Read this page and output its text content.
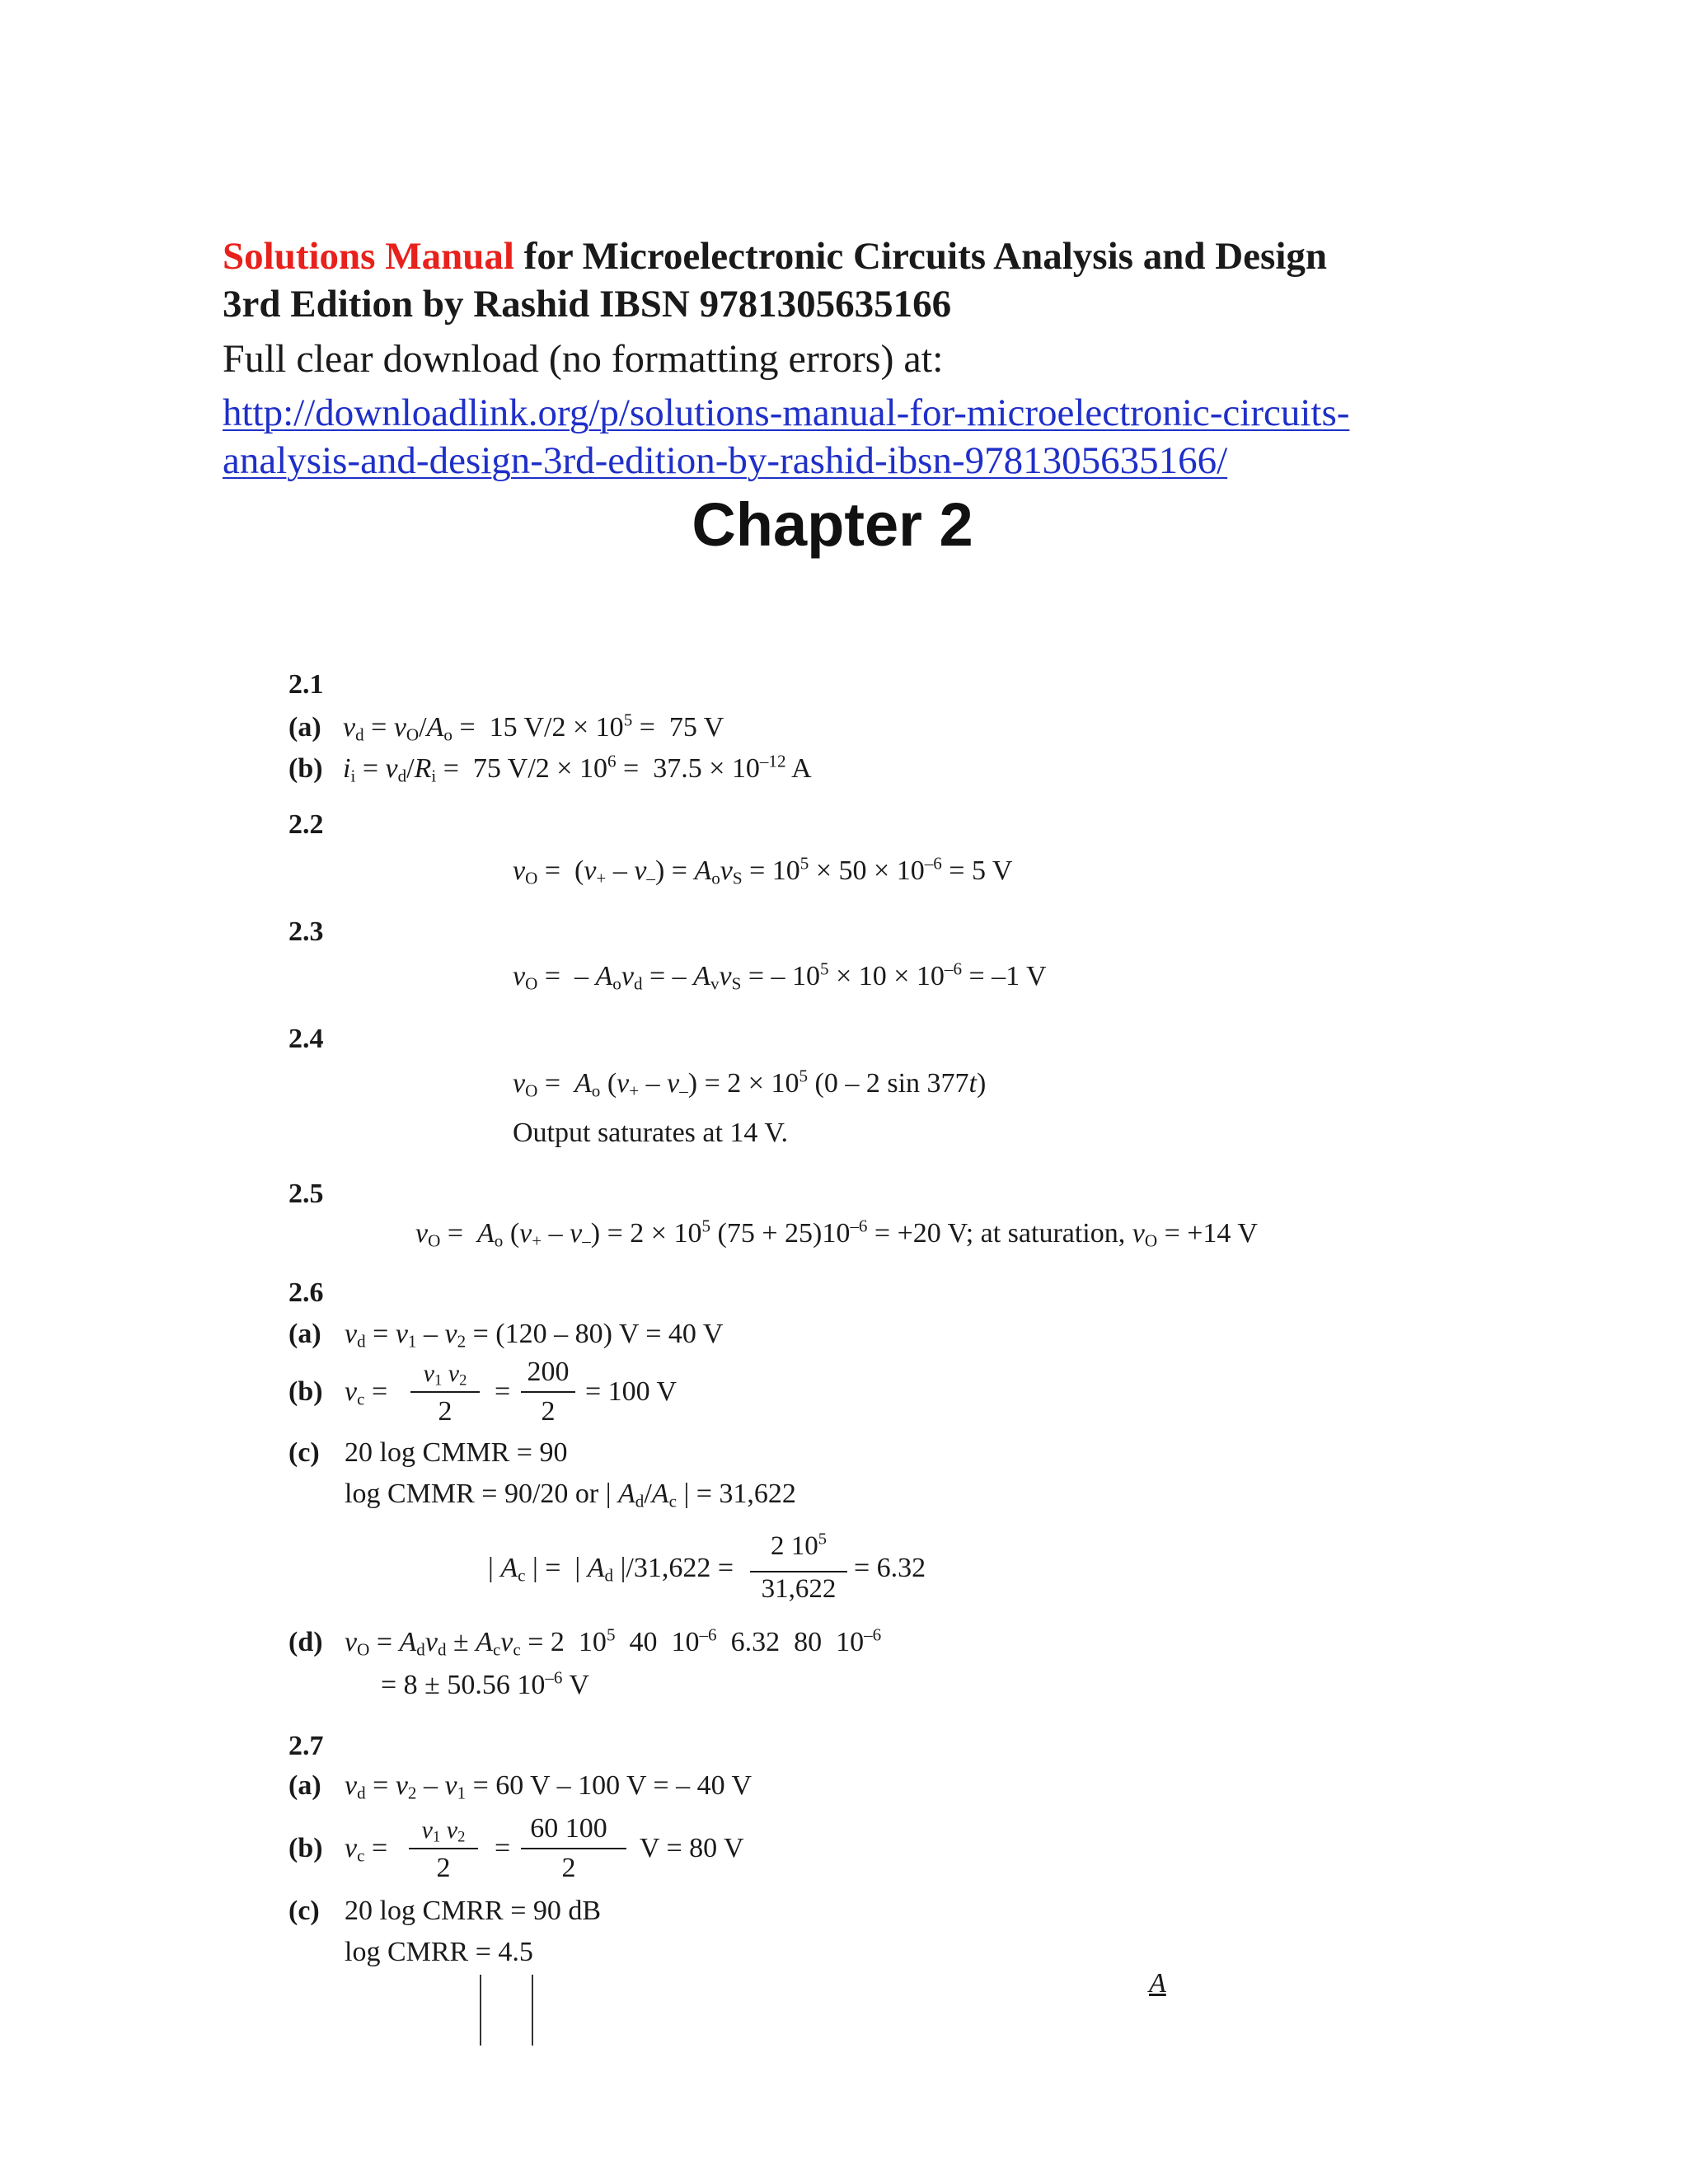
Solutions Manual for Microelectronic Circuits Analysis and Design
3rd Edition by Rashid IBSN 9781305635166
Full clear download (no formatting errors) at:
http://downloadlink.org/p/solutions-manual-for-microelectronic-circuits-
analysis-and-design-3rd-edition-by-rashid-ibsn-9781305635166/
Chapter 2
2.1
(a) $v_d = v_O/A_o = 15$ $V/2 \times 10^5 = 75$ V
(b) $i_i = v_d/R_i = 75$ $V/2 \times 10^6 = 37.5 \times 10^{-12}$ A
2.2
$v_O = (v_+ - v_-) = A_ov_S = 10^5 \times 50 \times 10^{-6} = 5$ V
2.3
$v_O$ =  – $A_ov_d$ = – $A_vv_S$ = – $10^5 \times 10 \times 10^{-6} = -1$ V
2.4
$v_O = A_o$ $(v_+ - v_-) = 2 \times 10^5$ (0 – 2 sin 377t)
Output saturates at 14 V.
2.5
$v_O = A_o$ $(v_+ - v_-) = 2 \times 10^5$ $(75 + 25)10^{-6} = +20$ V; at saturation, $v_O = +14$ V
2.6
(a) $v_d = v_1 - v_2 = (120 - 80) V = 40$ V
(b) $v_c$ =
$v_1$ $v_2$
2
=
200
2
= 100 V
(c) 20 log CMMR = 90
log CMMR = 90/20 or | $A_d/A_c$ | = 31,622
| $A_c$ | =  | $A_d$ |/31,622 =
2 $10^5$
31,622
= 6.32
(d) $v_O = A_dv_d \pm A_cv_c = 2$  $10^5$  40  $10^{-6}$  6.32  80  $10^{-6}$
= 8 ± 50.56 $10^{-6}$ V
2.7
(a) $v_d = v_2 - v_1 = 60$ V – 100 V = – 40 V
(b) $v_c$ =
$v_1$ $v_2$
2
=
60 100
2
V = 80 V
(c) 20 log CMRR = 90 dB
log CMRR = 4.5
A
